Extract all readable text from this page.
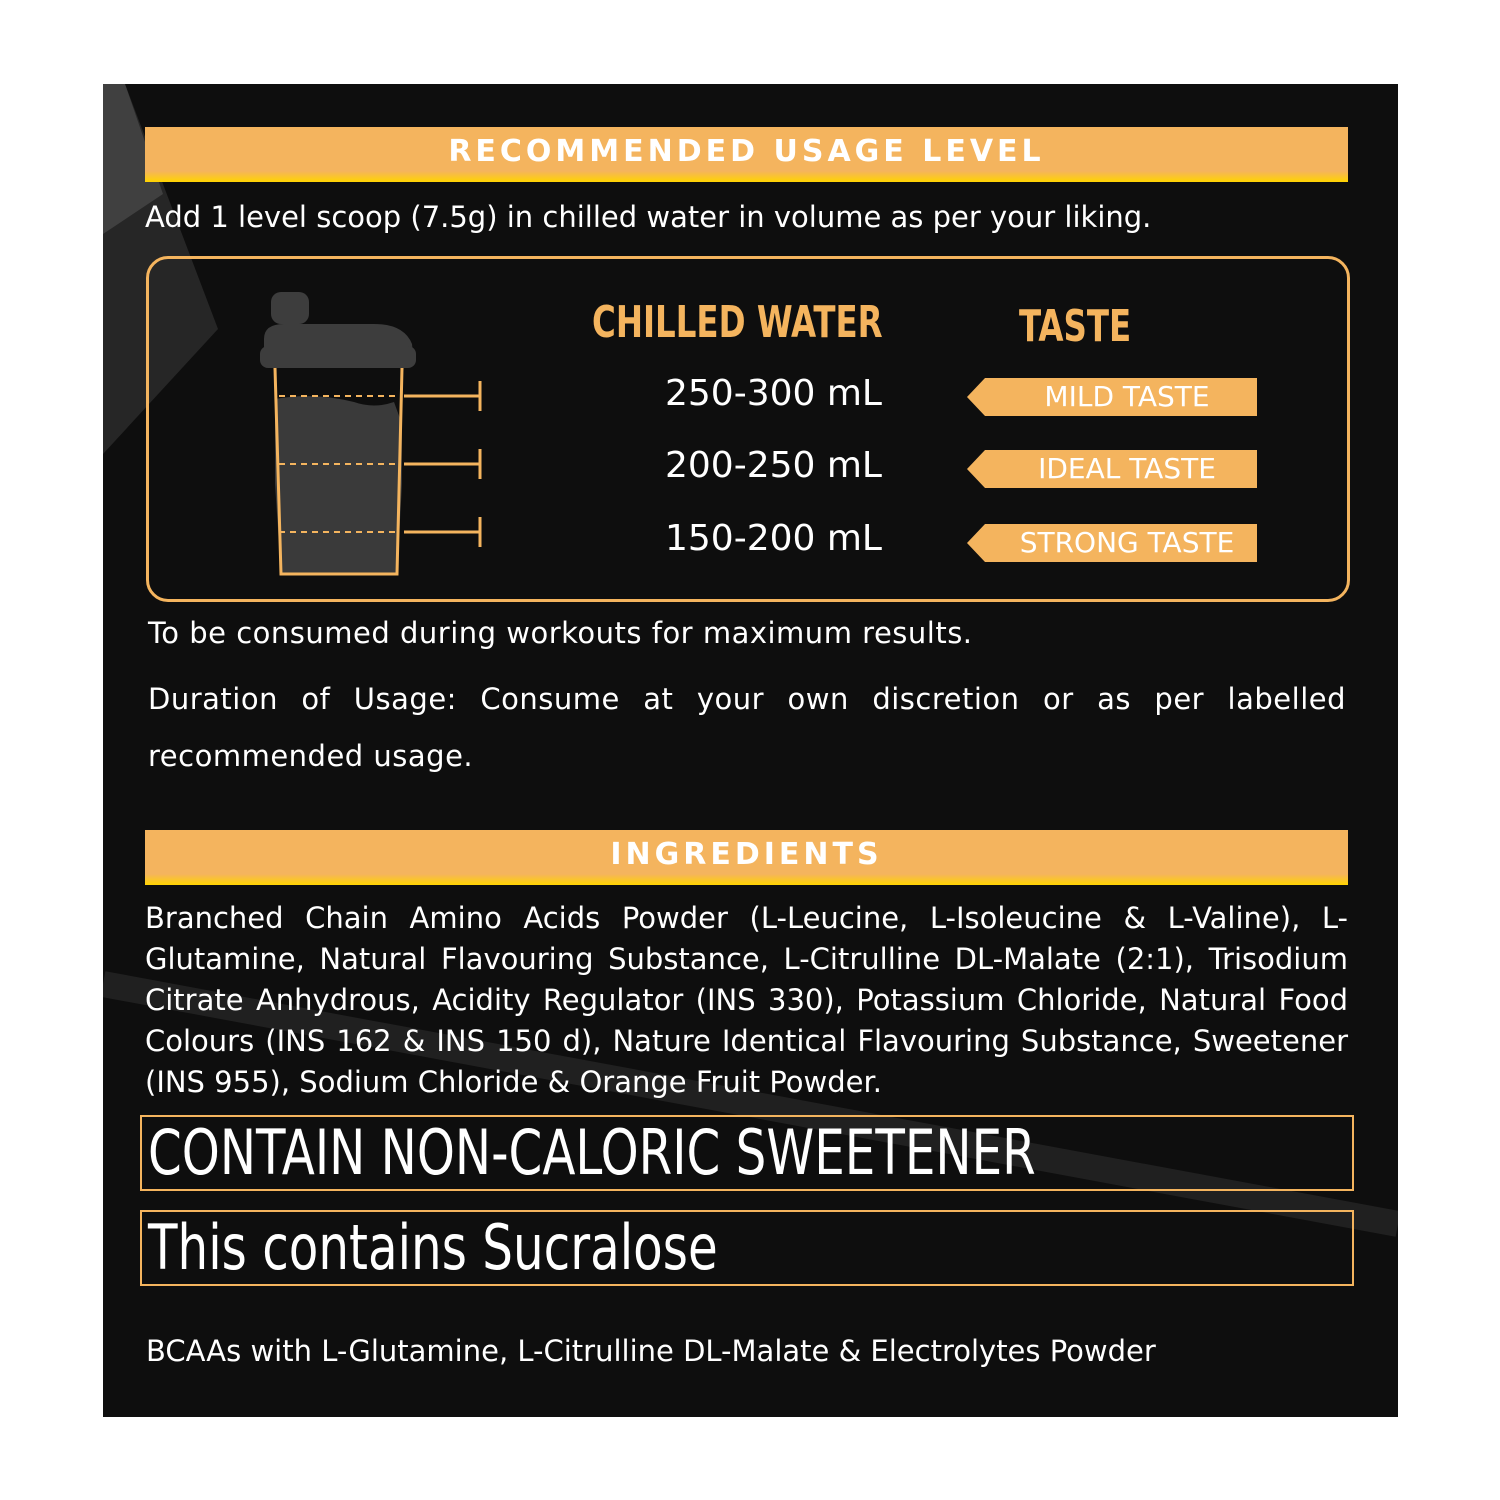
RECOMMENDED USAGE LEVEL
Add 1 level scoop (7.5g) in chilled water in volume as per your liking.
CHILLED WATER	TASTE
250-300 mL
200-250 mL
150-200 mL
MILD TASTE
IDEAL TASTE
STRONG TASTE
To be consumed during workouts for maximum results.
Duration of Usage: Consume at your own discretion or as per labelled recommended usage.
INGREDIENTS
Branched Chain Amino Acids Powder (L-Leucine, L-Isoleucine & L-Valine), L-Glutamine, Natural Flavouring Substance, L-Citrulline DL-Malate (2:1), Trisodium Citrate Anhydrous, Acidity Regulator (INS 330), Potassium Chloride, Natural Food Colours (INS 162 & INS 150 d), Nature Identical Flavouring Substance, Sweetener (INS 955), Sodium Chloride & Orange Fruit Powder.
CONTAIN NON-CALORIC SWEETENER
This contains Sucralose
BCAAs with L-Glutamine, L-Citrulline DL-Malate & Electrolytes Powder
